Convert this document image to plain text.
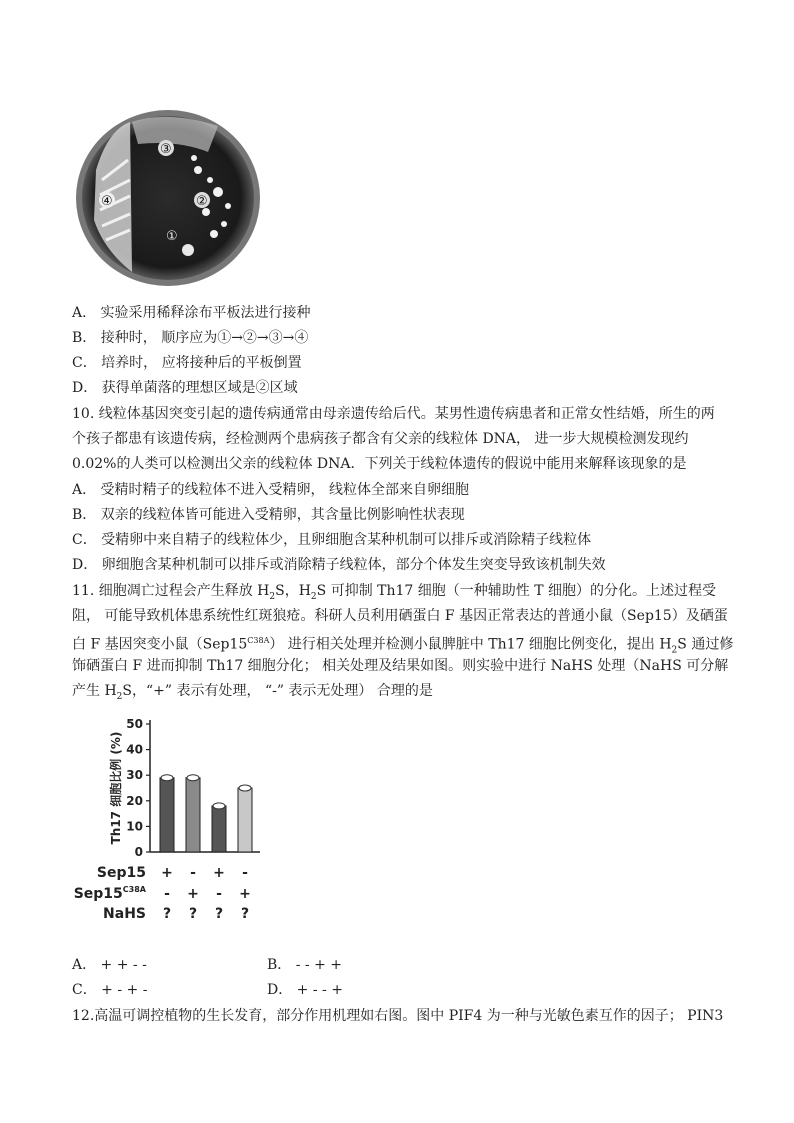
③
②
④
①
A． 实验采用稀释涂布平板法进行接种
B． 接种时， 顺序应为①→②→③→④
C． 培养时， 应将接种后的平板倒置
D． 获得单菌落的理想区域是②区域
10. 线粒体基因突变引起的遗传病通常由母亲遗传给后代。某男性遗传病患者和正常女性结婚，所生的两
个孩子都患有该遗传病，经检测两个患病孩子都含有父亲的线粒体 DNA， 进一步大规模检测发现约
0.02%的人类可以检测出父亲的线粒体 DNA．下列关于线粒体遗传的假说中能用来解释该现象的是
A． 受精时精子的线粒体不进入受精卵， 线粒体全部来自卵细胞
B． 双亲的线粒体皆可能进入受精卵，其含量比例影响性状表现
C． 受精卵中来自精子的线粒体少，且卵细胞含某种机制可以排斥或消除精子线粒体
D． 卵细胞含某种机制可以排斥或消除精子线粒体，部分个体发生突变导致该机制失效
11. 细胞凋亡过程会产生释放 $H_2S$，$H_2S$ 可抑制 Th17 细胞（一种辅助性 T 细胞）的分化。上述过程受
阻， 可能导致机体患系统性红斑狼疮。科研人员利用硒蛋白 F 基因正常表达的普通小鼠（Sep15）及硒蛋
白 F 基因突变小鼠$(Sep15^{C38A})$ 进行相关处理并检测小鼠脾脏中 Th17 细胞比例变化，提出 $H_2S$ 通过修
饰硒蛋白 F 进而抑制 Th17 细胞分化； 相关处理及结果如图。则实验中进行 NaHS 处理（NaHS 可分解
产生 $H_2S$，“+” 表示有处理， “-” 表示无处理） 合理的是
0
10
20
30
40
50
Th17 细胞比例 (%)
Sep15 + - + -
$Sep15^{C38A}$ - + - +
NaHS ? ? ? ?
A． + + - -	B． - - + +
C． + - + -	D． + - - +
12.高温可调控植物的生长发育，部分作用机理如右图。图中 PIF4 为一种与光敏色素互作的因子； PIN3
